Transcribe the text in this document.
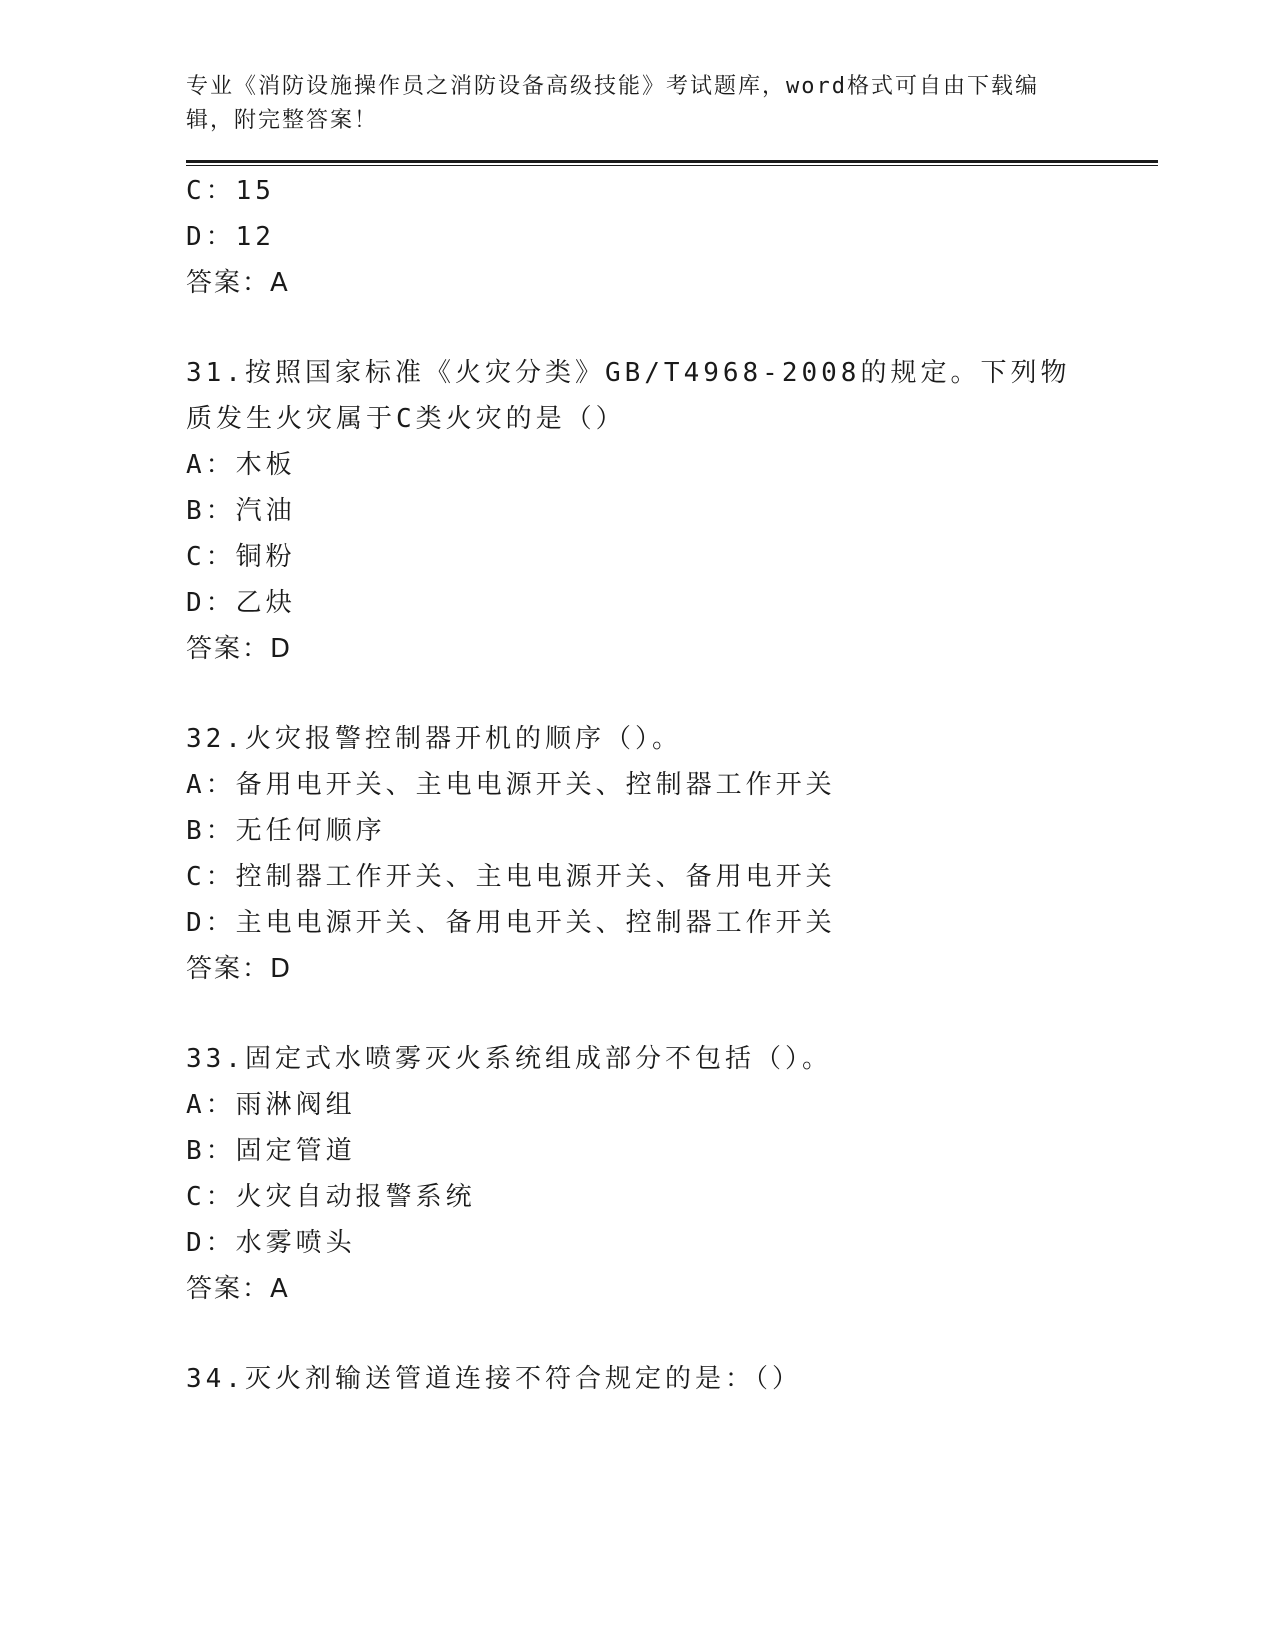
专业《消防设施操作员之消防设备高级技能》考试题库，word格式可自由下载编辑，附完整答案！

C：15
D：12
答案：A
31.按照国家标准《火灾分类》GB/T4968-2008的规定。下列物质发生火灾属于C类火灾的是（）
A：木板
B：汽油
C：铜粉
D：乙炔
答案：D
32.火灾报警控制器开机的顺序（）。
A：备用电开关、主电电源开关、控制器工作开关
B：无任何顺序
C：控制器工作开关、主电电源开关、备用电开关
D：主电电源开关、备用电开关、控制器工作开关
答案：D
33.固定式水喷雾灭火系统组成部分不包括（）。
A：雨淋阀组
B：固定管道
C：火灾自动报警系统
D：水雾喷头
答案：A
34.灭火剂输送管道连接不符合规定的是：（）
